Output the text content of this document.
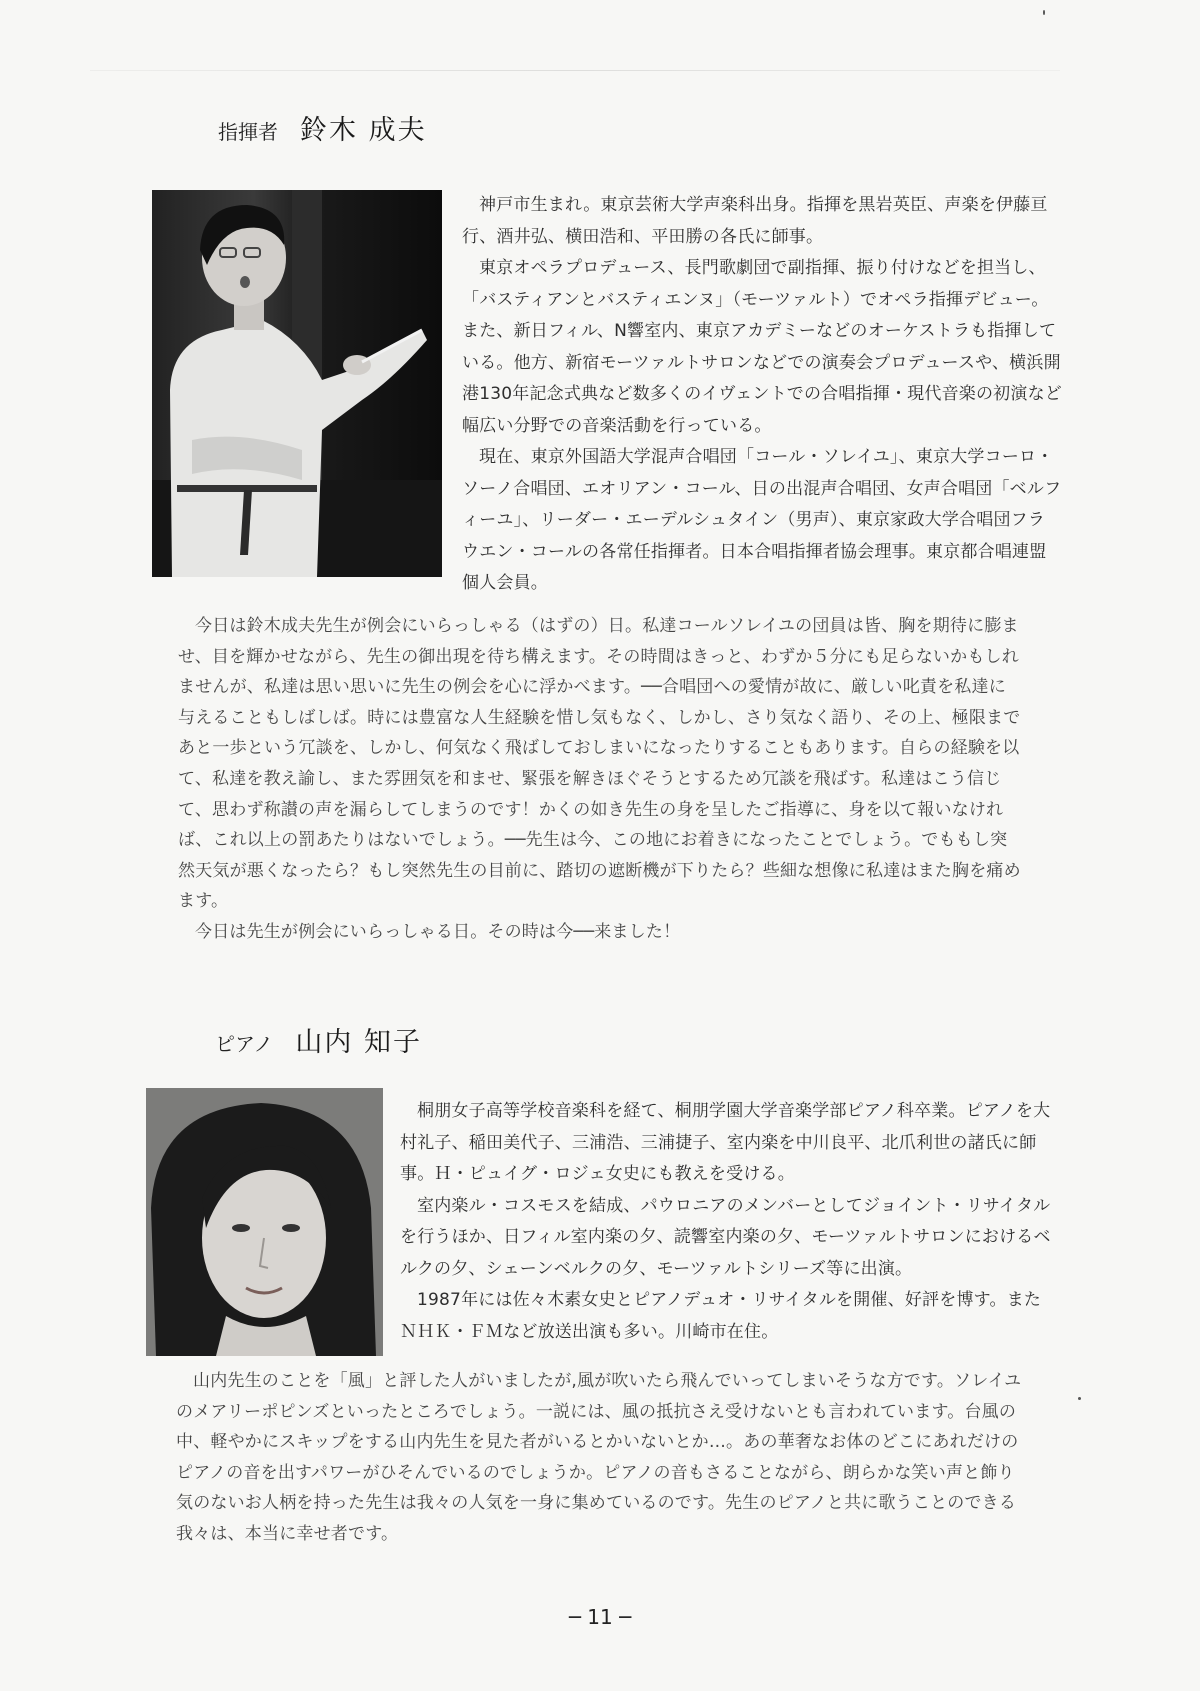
指揮者 鈴木 成夫

神戸市生まれ。東京芸術大学声楽科出身。指揮を黒岩英臣、声楽を伊藤亘行、酒井弘、横田浩和、平田勝の各氏に師事。

東京オペラプロデュース、長門歌劇団で副指揮、振り付けなどを担当し、「バスティアンとバスティエンヌ」（モーツァルト）でオペラ指揮デビュー。また、新日フィル、N響室内、東京アカデミーなどのオーケストラも指揮している。他方、新宿モーツァルトサロンなどでの演奏会プロデュースや、横浜開港130年記念式典など数多くのイヴェントでの合唱指揮・現代音楽の初演など幅広い分野での音楽活動を行っている。

現在、東京外国語大学混声合唱団「コール・ソレイユ」、東京大学コーロ・ソーノ合唱団、エオリアン・コール、日の出混声合唱団、女声合唱団「ベルフィーユ」、リーダー・エーデルシュタイン（男声）、東京家政大学合唱団フラウエン・コールの各常任指揮者。日本合唱指揮者協会理事。東京都合唱連盟個人会員。

今日は鈴木成夫先生が例会にいらっしゃる（はずの）日。私達コールソレイユの団員は皆、胸を期待に膨ませ、目を輝かせながら、先生の御出現を待ち構えます。その時間はきっと、わずか５分にも足らないかもしれませんが、私達は思い思いに先生の例会を心に浮かべます。──合唱団への愛情が故に、厳しい叱責を私達に与えることもしばしば。時には豊富な人生経験を惜し気もなく、しかし、さり気なく語り、その上、極限まであと一歩という冗談を、しかし、何気なく飛ばしておしまいになったりすることもあります。自らの経験を以て、私達を教え諭し、また雰囲気を和ませ、緊張を解きほぐそうとするため冗談を飛ばす。私達はこう信じて、思わず称讃の声を漏らしてしまうのです！かくの如き先生の身を呈したご指導に、身を以て報いなければ、これ以上の罰あたりはないでしょう。──先生は今、この地にお着きになったことでしょう。でももし突然天気が悪くなったら？もし突然先生の目前に、踏切の遮断機が下りたら？些細な想像に私達はまた胸を痛めます。

今日は先生が例会にいらっしゃる日。その時は今──来ました！

ピアノ 山内 知子

桐朋女子高等学校音楽科を経て、桐朋学園大学音楽学部ピアノ科卒業。ピアノを大村礼子、稲田美代子、三浦浩、三浦捷子、室内楽を中川良平、北爪利世の諸氏に師事。Ｈ・ピュイグ・ロジェ女史にも教えを受ける。

室内楽ル・コスモスを結成、パウロニアのメンバーとしてジョイント・リサイタルを行うほか、日フィル室内楽の夕、読響室内楽の夕、モーツァルトサロンにおけるベルクの夕、シェーンベルクの夕、モーツァルトシリーズ等に出演。

1987年には佐々木素女史とピアノデュオ・リサイタルを開催、好評を博す。またＮＨＫ・ＦＭなど放送出演も多い。川崎市在住。

山内先生のことを「風」と評した人がいましたが,風が吹いたら飛んでいってしまいそうな方です。ソレイユのメアリーポピンズといったところでしょう。一説には、風の抵抗さえ受けないとも言われています。台風の中、軽やかにスキップをする山内先生を見た者がいるとかいないとか…。あの華奢なお体のどこにあれだけのピアノの音を出すパワーがひそんでいるのでしょうか。ピアノの音もさることながら、朗らかな笑い声と飾り気のないお人柄を持った先生は我々の人気を一身に集めているのです。先生のピアノと共に歌うことのできる我々は、本当に幸せ者です。

─ 11 ─
